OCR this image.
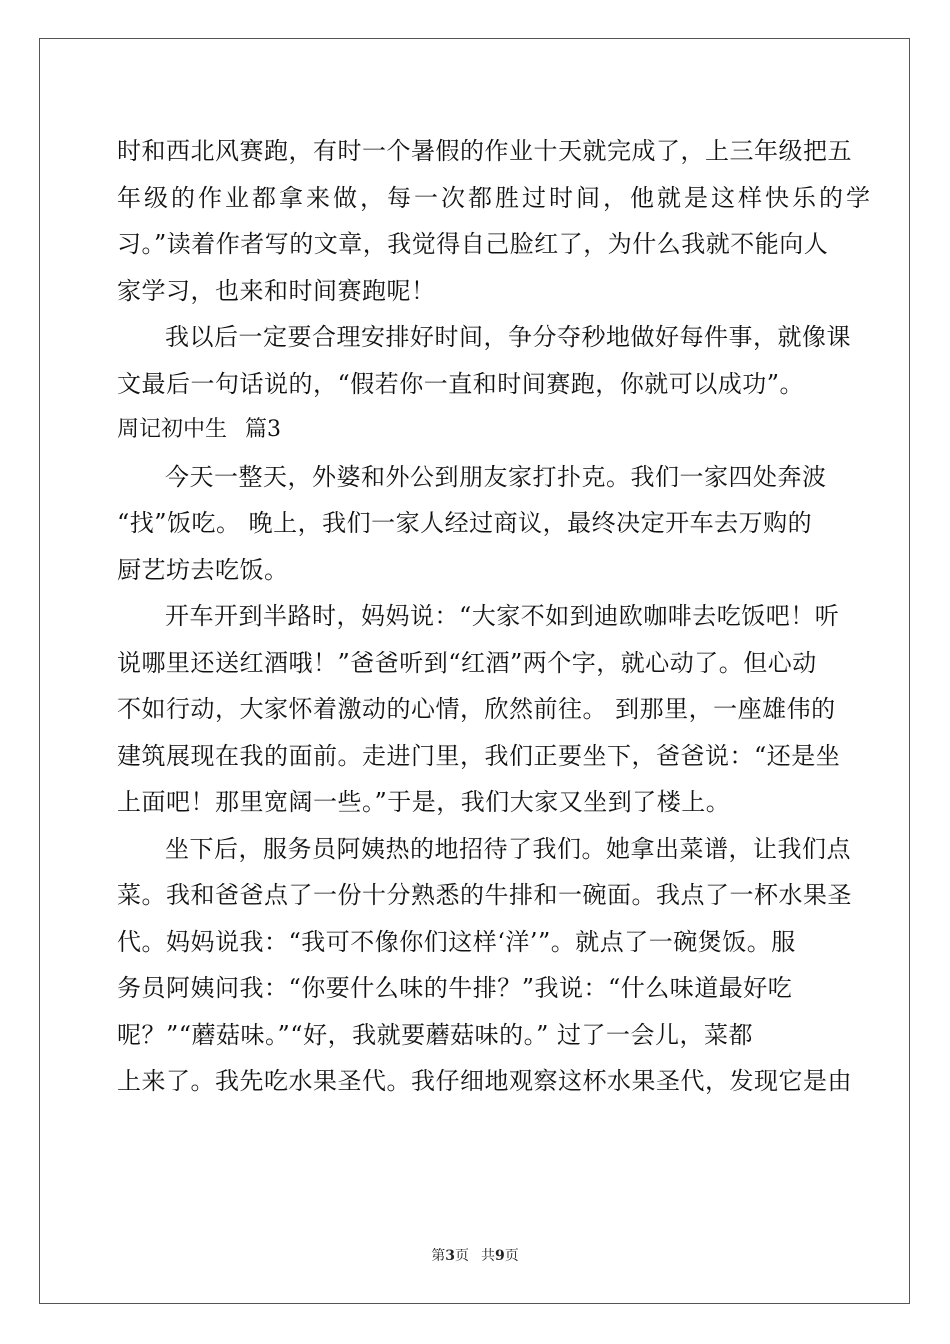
时和西北风赛跑，有时一个暑假的作业十天就完成了，上三年级把五
年级的作业都拿来做，每一次都胜过时间，他就是这样快乐的学
习。”读着作者写的文章，我觉得自己脸红了，为什么我就不能向人
家学习，也来和时间赛跑呢！
我以后一定要合理安排好时间，争分夺秒地做好每件事，就像课
文最后一句话说的，“假若你一直和时间赛跑，你就可以成功”。
周记初中生 篇3
今天一整天，外婆和外公到朋友家打扑克。我们一家四处奔波
“找”饭吃。 晚上，我们一家人经过商议，最终决定开车去万购的
厨艺坊去吃饭。
开车开到半路时，妈妈说：“大家不如到迪欧咖啡去吃饭吧！听
说哪里还送红酒哦！”爸爸听到“红酒”两个字，就心动了。但心动
不如行动，大家怀着激动的心情，欣然前往。 到那里，一座雄伟的
建筑展现在我的面前。走进门里，我们正要坐下，爸爸说：“还是坐
上面吧！那里宽阔一些。”于是，我们大家又坐到了楼上。
坐下后，服务员阿姨热的地招待了我们。她拿出菜谱，让我们点
菜。我和爸爸点了一份十分熟悉的牛排和一碗面。我点了一杯水果圣
代。妈妈说我：“我可不像你们这样‘洋’”。就点了一碗煲饭。服
务员阿姨问我：“你要什么味的牛排？”我说：“什么味道最好吃
呢？”“蘑菇味。”“好，我就要蘑菇味的。” 过了一会儿，菜都
上来了。我先吃水果圣代。我仔细地观察这杯水果圣代，发现它是由
第3页 共9页
